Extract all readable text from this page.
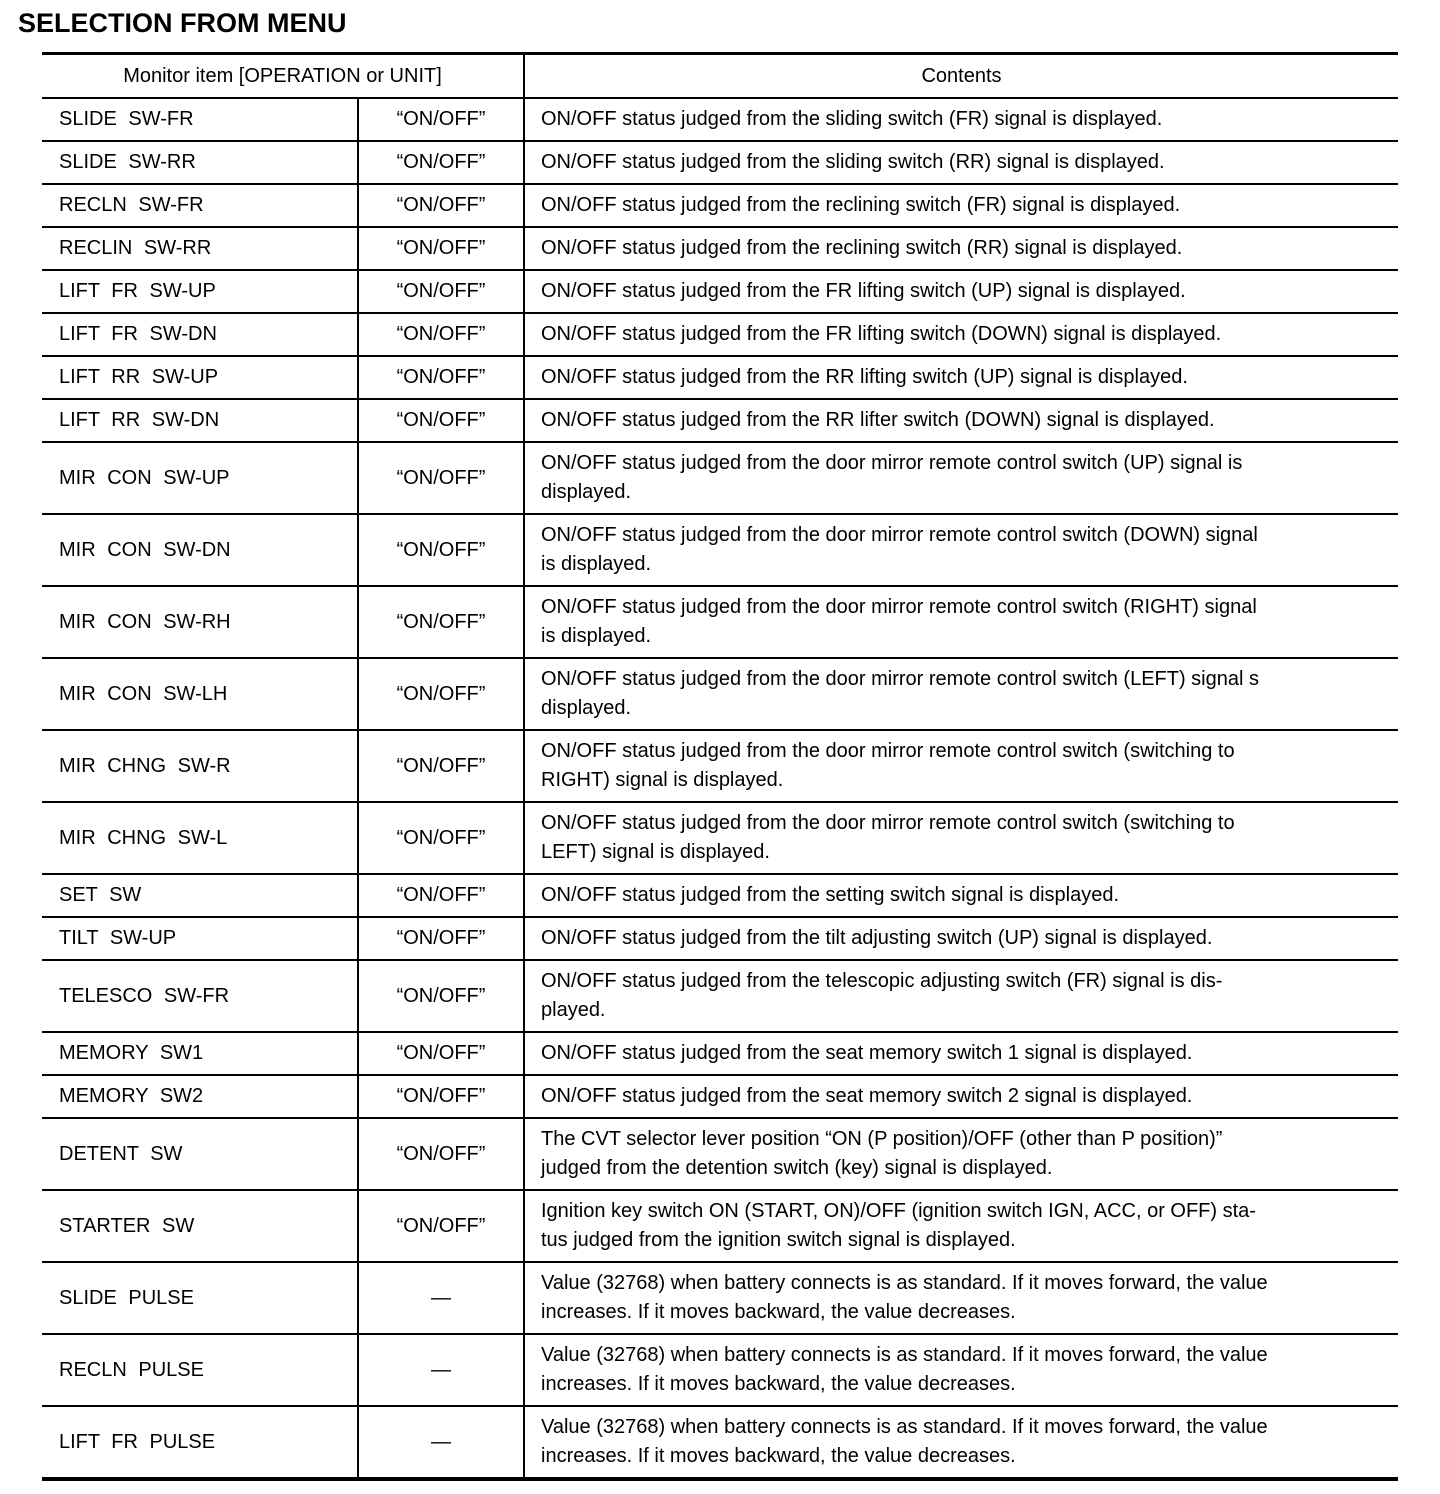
SELECTION FROM MENU
Monitor item [OPERATION or UNIT]		Contents
SLIDE SW-FR	“ON/OFF”	ON/OFF status judged from the sliding switch (FR) signal is displayed.
SLIDE SW-RR	“ON/OFF”	ON/OFF status judged from the sliding switch (RR) signal is displayed.
RECLN SW-FR	“ON/OFF”	ON/OFF status judged from the reclining switch (FR) signal is displayed.
RECLIN SW-RR	“ON/OFF”	ON/OFF status judged from the reclining switch (RR) signal is displayed.
LIFT FR SW-UP	“ON/OFF”	ON/OFF status judged from the FR lifting switch (UP) signal is displayed.
LIFT FR SW-DN	“ON/OFF”	ON/OFF status judged from the FR lifting switch (DOWN) signal is displayed.
LIFT RR SW-UP	“ON/OFF”	ON/OFF status judged from the RR lifting switch (UP) signal is displayed.
LIFT RR SW-DN	“ON/OFF”	ON/OFF status judged from the RR lifter switch (DOWN) signal is displayed.
MIR CON SW-UP	“ON/OFF”	ON/OFF status judged from the door mirror remote control switch (UP) signal is
displayed.
MIR CON SW-DN	“ON/OFF”	ON/OFF status judged from the door mirror remote control switch (DOWN) signal
is displayed.
MIR CON SW-RH	“ON/OFF”	ON/OFF status judged from the door mirror remote control switch (RIGHT) signal
is displayed.
MIR CON SW-LH	“ON/OFF”	ON/OFF status judged from the door mirror remote control switch (LEFT) signal s
displayed.
MIR CHNG SW-R	“ON/OFF”	ON/OFF status judged from the door mirror remote control switch (switching to
RIGHT) signal is displayed.
MIR CHNG SW-L	“ON/OFF”	ON/OFF status judged from the door mirror remote control switch (switching to
LEFT) signal is displayed.
SET SW	“ON/OFF”	ON/OFF status judged from the setting switch signal is displayed.
TILT SW-UP	“ON/OFF”	ON/OFF status judged from the tilt adjusting switch (UP) signal is displayed.
TELESCO SW-FR	“ON/OFF”	ON/OFF status judged from the telescopic adjusting switch (FR) signal is dis-
played.
MEMORY SW1	“ON/OFF”	ON/OFF status judged from the seat memory switch 1 signal is displayed.
MEMORY SW2	“ON/OFF”	ON/OFF status judged from the seat memory switch 2 signal is displayed.
DETENT SW	“ON/OFF”	The CVT selector lever position “ON (P position)/OFF (other than P position)”
judged from the detention switch (key) signal is displayed.
STARTER SW	“ON/OFF”	Ignition key switch ON (START, ON)/OFF (ignition switch IGN, ACC, or OFF) sta-
tus judged from the ignition switch signal is displayed.
SLIDE PULSE	—	Value (32768) when battery connects is as standard. If it moves forward, the value
increases. If it moves backward, the value decreases.
RECLN PULSE	—	Value (32768) when battery connects is as standard. If it moves forward, the value
increases. If it moves backward, the value decreases.
LIFT FR PULSE	—	Value (32768) when battery connects is as standard. If it moves forward, the value
increases. If it moves backward, the value decreases.
